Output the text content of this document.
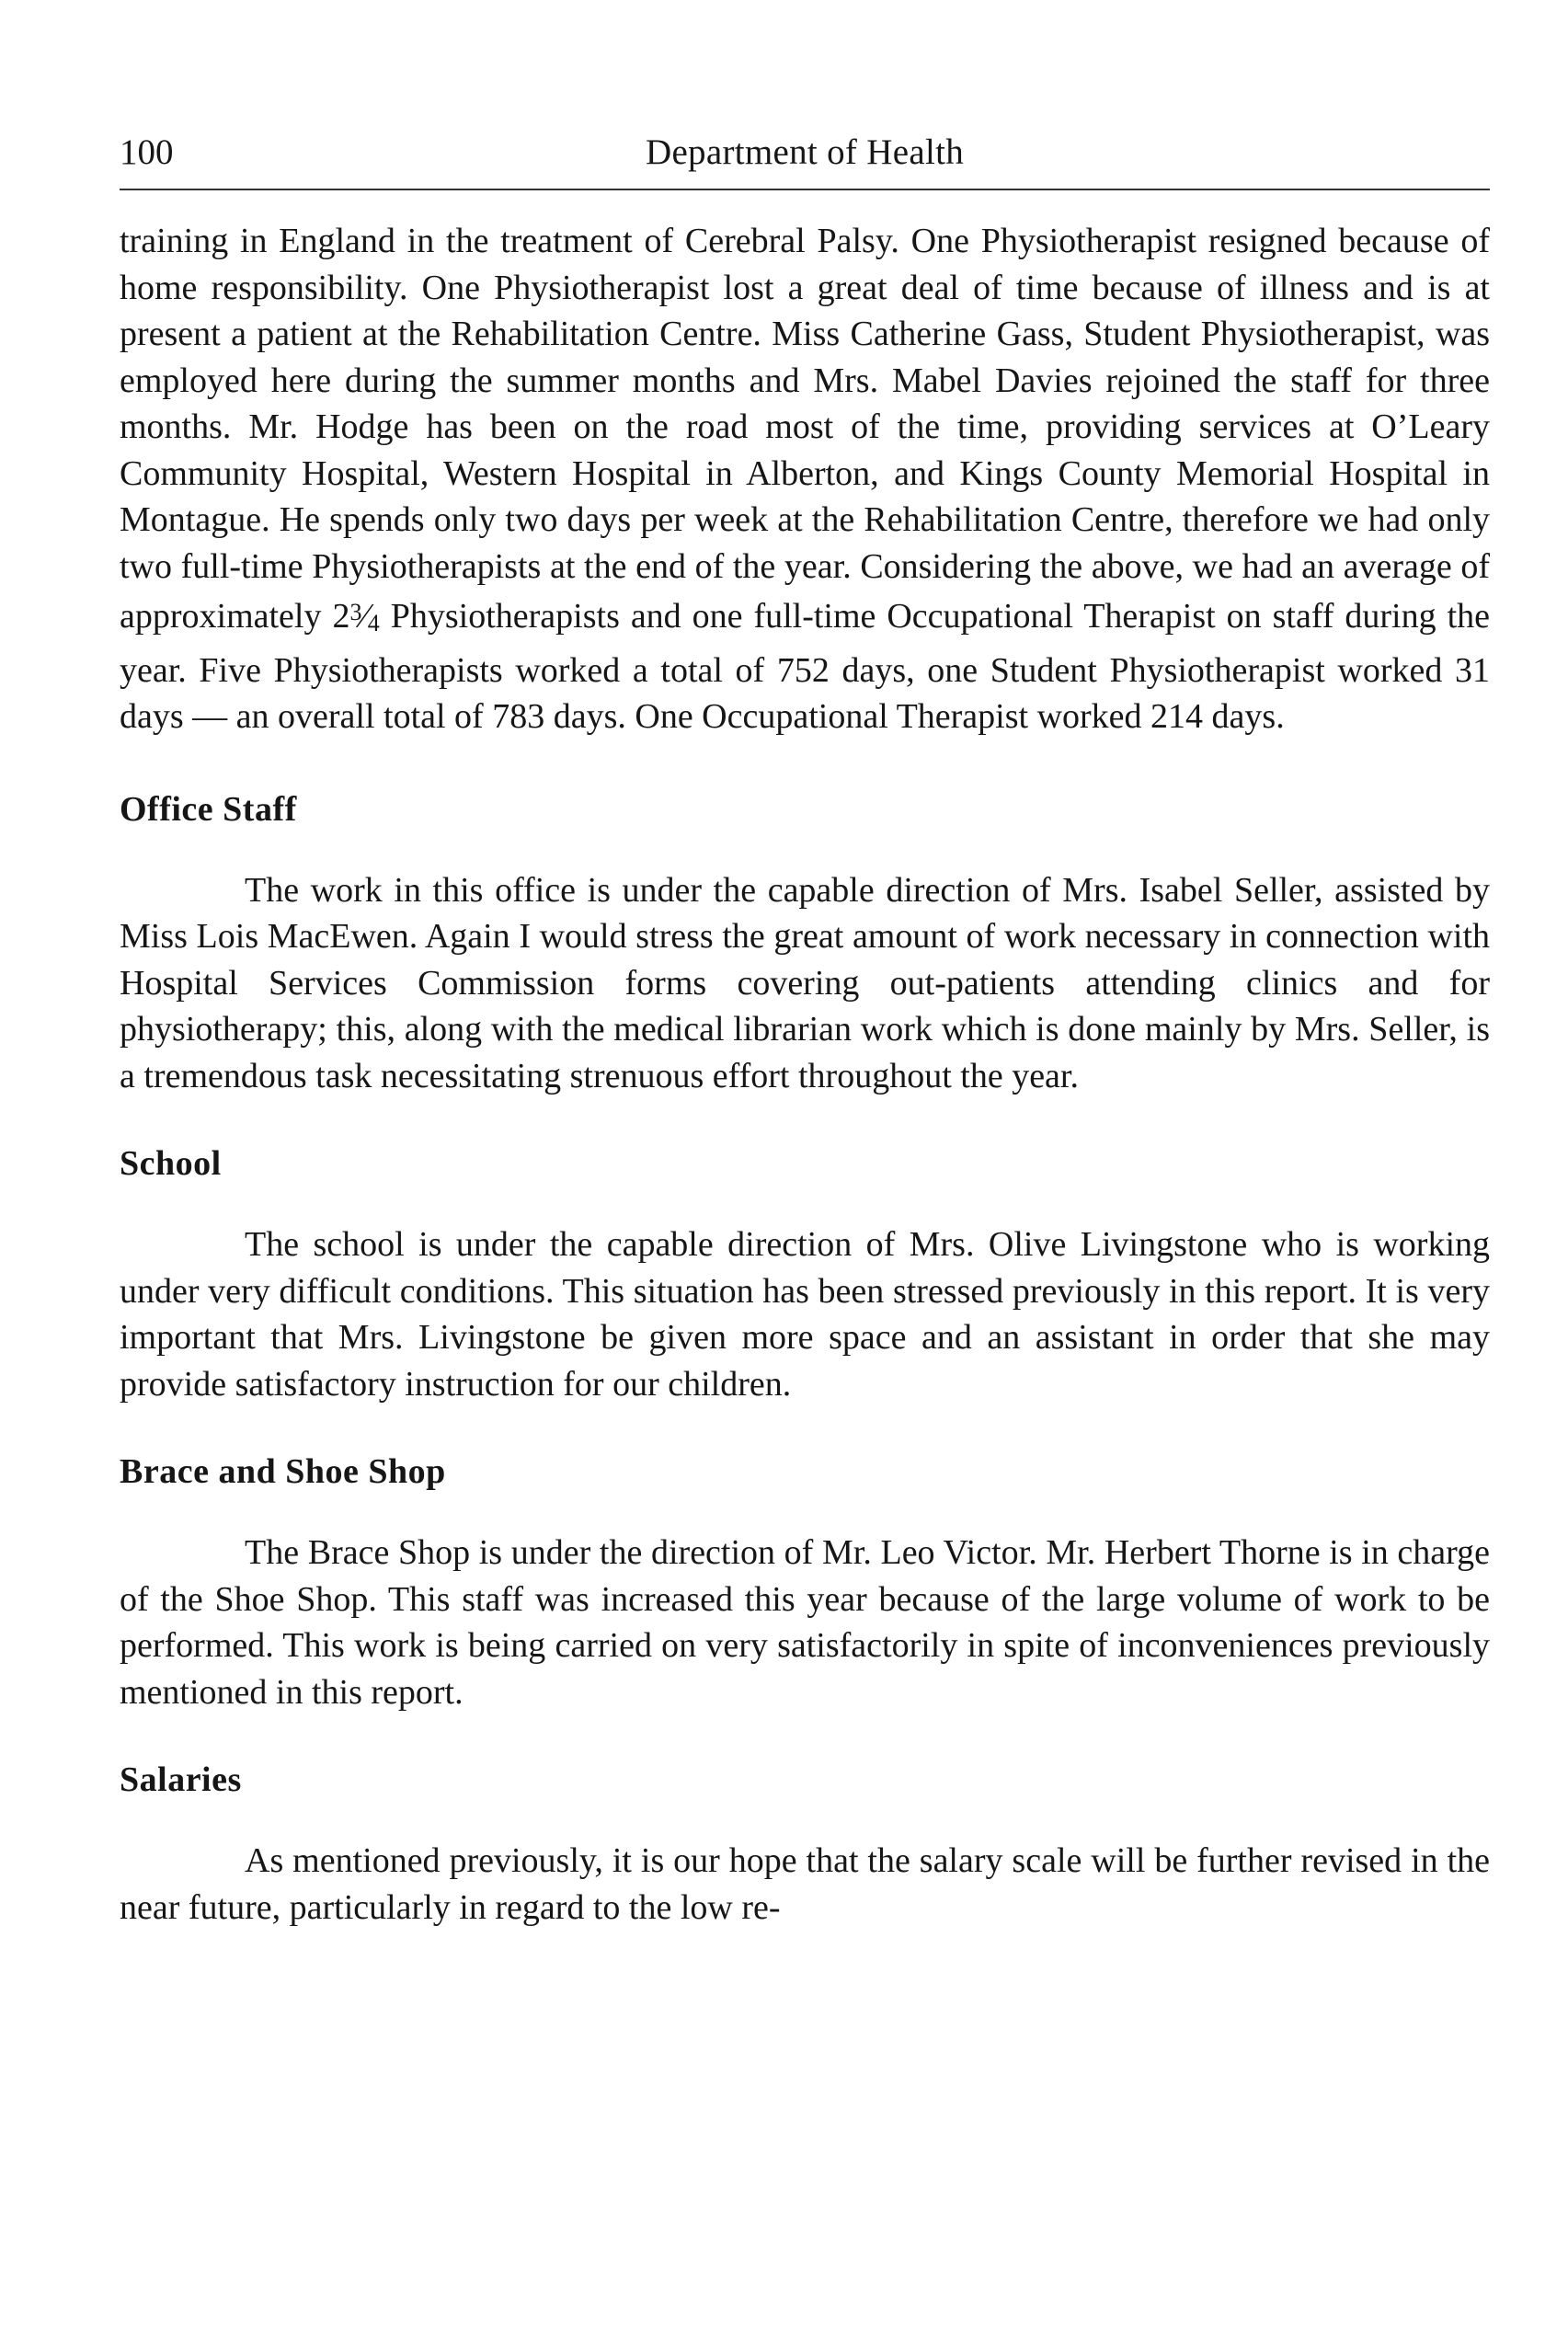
100	Department of Health

training in England in the treatment of Cerebral Palsy. One Physiotherapist resigned because of home responsibility. One Physiotherapist lost a great deal of time because of illness and is at present a patient at the Rehabilitation Centre. Miss Catherine Gass, Student Physiotherapist, was employed here during the summer months and Mrs. Mabel Davies rejoined the staff for three months. Mr. Hodge has been on the road most of the time, providing services at O’Leary Community Hospital, Western Hospital in Alberton, and Kings County Memorial Hospital in Montague. He spends only two days per week at the Rehabilitation Centre, therefore we had only two full-time Physiotherapists at the end of the year. Considering the above, we had an average of approximately $2^3⁄4$ Physiotherapists and one full-time Occupational Therapist on staff during the year. Five Physiotherapists worked a total of 752 days, one Student Physiotherapist worked 31 days — an overall total of 783 days. One Occupational Therapist worked 214 days.

Office Staff

The work in this office is under the capable direction of Mrs. Isabel Seller, assisted by Miss Lois MacEwen. Again I would stress the great amount of work necessary in connection with Hospital Services Commission forms covering out-patients attending clinics and for physiotherapy; this, along with the medical librarian work which is done mainly by Mrs. Seller, is a tremendous task necessitating strenuous effort throughout the year.

School

The school is under the capable direction of Mrs. Olive Livingstone who is working under very difficult conditions. This situation has been stressed previously in this report. It is very important that Mrs. Livingstone be given more space and an assistant in order that she may provide satisfactory instruction for our children.

Brace and Shoe Shop

The Brace Shop is under the direction of Mr. Leo Victor. Mr. Herbert Thorne is in charge of the Shoe Shop. This staff was increased this year because of the large volume of work to be performed. This work is being carried on very satisfactorily in spite of inconveniences previously mentioned in this report.

Salaries

As mentioned previously, it is our hope that the salary scale will be further revised in the near future, particularly in regard to the low re-
